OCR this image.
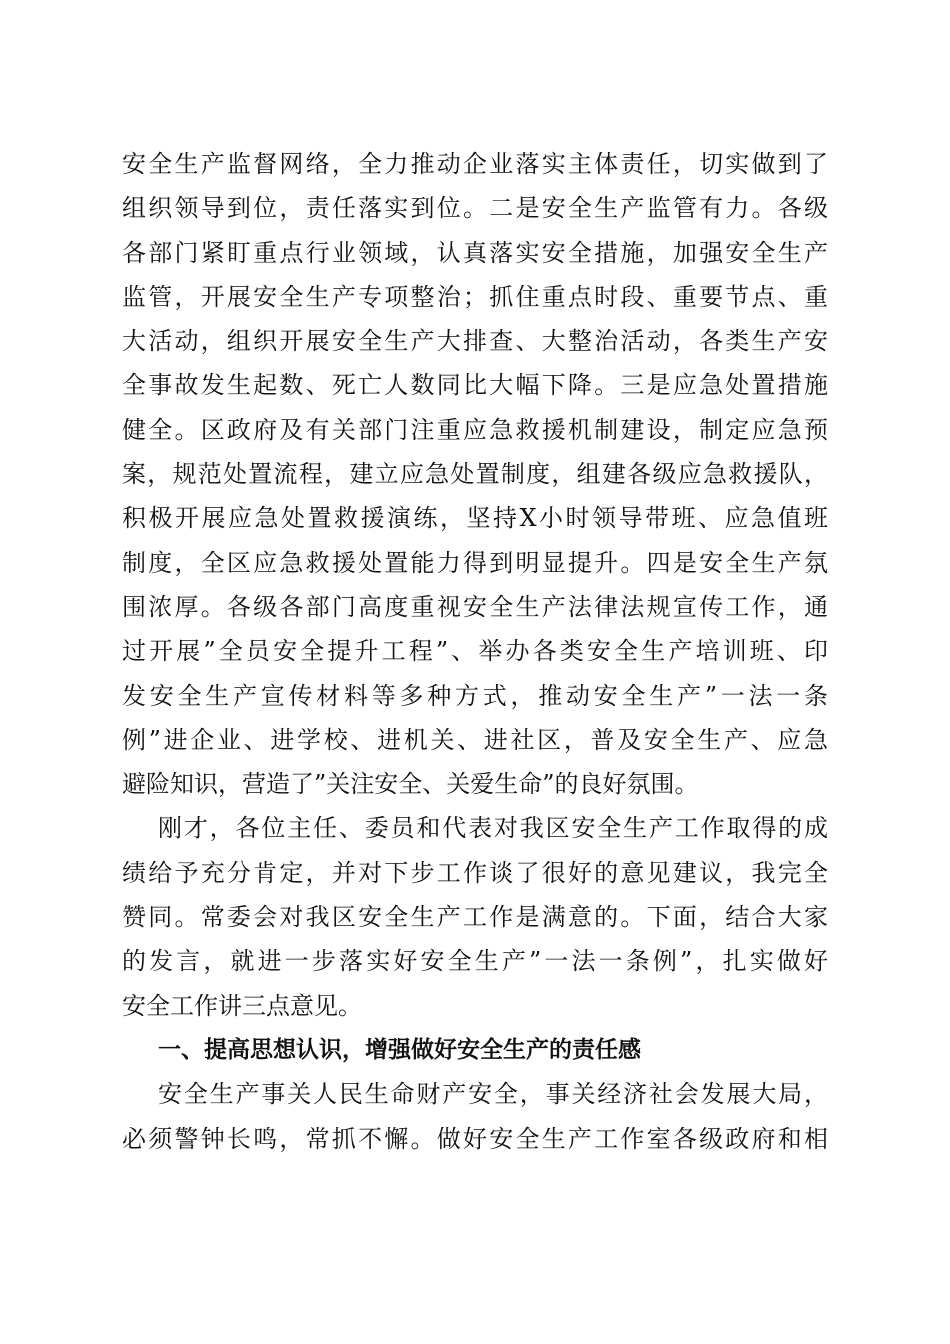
安全生产监督网络，全力推动企业落实主体责任，切实做到了
组织领导到位，责任落实到位。二是安全生产监管有力。各级
各部门紧盯重点行业领域，认真落实安全措施，加强安全生产
监管，开展安全生产专项整治；抓住重点时段、重要节点、重
大活动，组织开展安全生产大排查、大整治活动，各类生产安
全事故发生起数、死亡人数同比大幅下降。三是应急处置措施
健全。区政府及有关部门注重应急救援机制建设，制定应急预
案，规范处置流程，建立应急处置制度，组建各级应急救援队，
积极开展应急处置救援演练，坚持X小时领导带班、应急值班
制度，全区应急救援处置能力得到明显提升。四是安全生产氛
围浓厚。各级各部门高度重视安全生产法律法规宣传工作，通
过开展”全员安全提升工程”、举办各类安全生产培训班、印
发安全生产宣传材料等多种方式，推动安全生产”一法一条
例”进企业、进学校、进机关、进社区，普及安全生产、应急
避险知识，营造了”关注安全、关爱生命”的良好氛围。
刚才，各位主任、委员和代表对我区安全生产工作取得的成
绩给予充分肯定，并对下步工作谈了很好的意见建议，我完全
赞同。常委会对我区安全生产工作是满意的。下面，结合大家
的发言，就进一步落实好安全生产”一法一条例”，扎实做好
安全工作讲三点意见。
一、提高思想认识，增强做好安全生产的责任感
安全生产事关人民生命财产安全，事关经济社会发展大局，
必须警钟长鸣，常抓不懈。做好安全生产工作室各级政府和相
